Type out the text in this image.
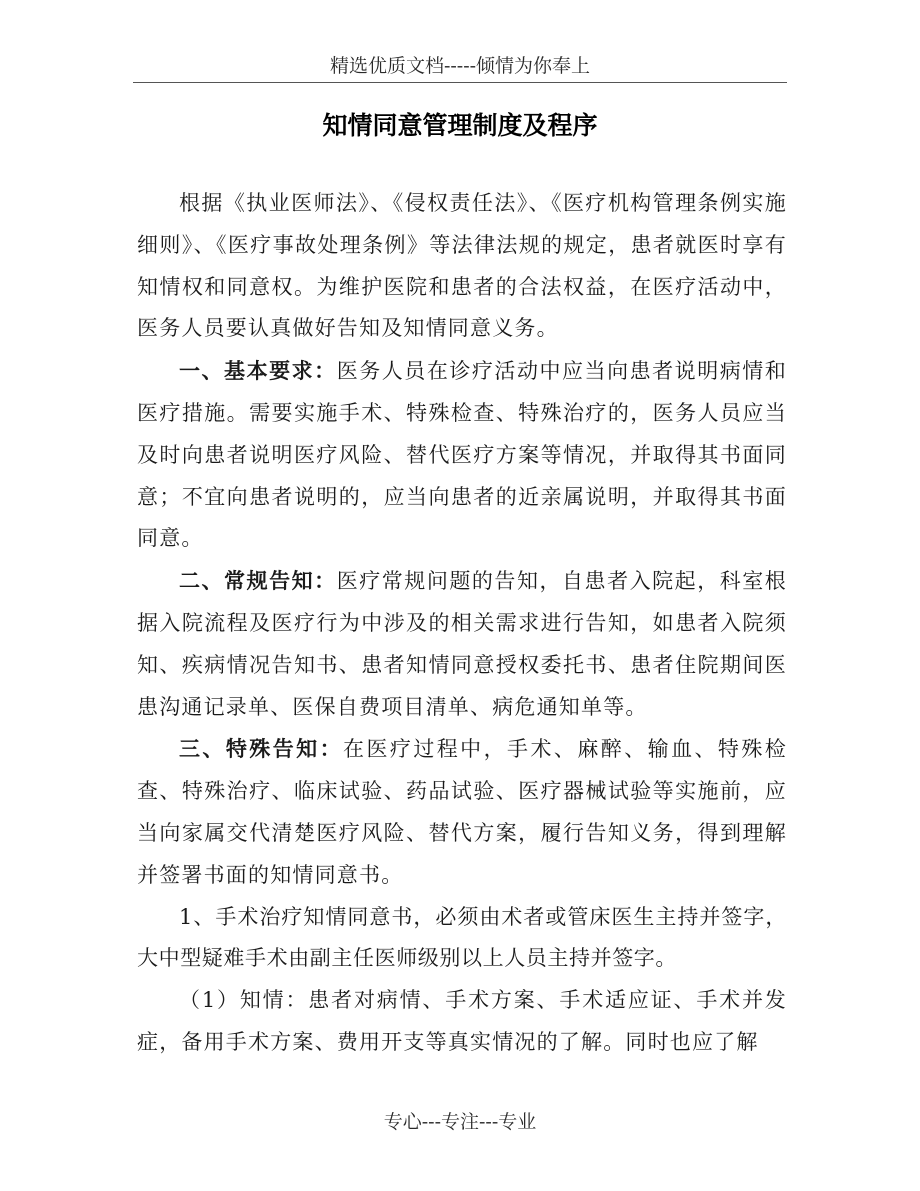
精选优质文档-----倾情为你奉上
知情同意管理制度及程序

根据《执业医师法》、《侵权责任法》、《医疗机构管理条例实施细则》、《医疗事故处理条例》等法律法规的规定，患者就医时享有知情权和同意权。为维护医院和患者的合法权益，在医疗活动中，医务人员要认真做好告知及知情同意义务。

一、基本要求：医务人员在诊疗活动中应当向患者说明病情和医疗措施。需要实施手术、特殊检查、特殊治疗的，医务人员应当及时向患者说明医疗风险、替代医疗方案等情况，并取得其书面同意；不宜向患者说明的，应当向患者的近亲属说明，并取得其书面同意。

二、常规告知：医疗常规问题的告知，自患者入院起，科室根据入院流程及医疗行为中涉及的相关需求进行告知，如患者入院须知、疾病情况告知书、患者知情同意授权委托书、患者住院期间医患沟通记录单、医保自费项目清单、病危通知单等。

三、特殊告知：在医疗过程中，手术、麻醉、输血、特殊检查、特殊治疗、临床试验、药品试验、医疗器械试验等实施前，应当向家属交代清楚医疗风险、替代方案，履行告知义务，得到理解并签署书面的知情同意书。

1、手术治疗知情同意书，必须由术者或管床医生主持并签字，大中型疑难手术由副主任医师级别以上人员主持并签字。

（1）知情：患者对病情、手术方案、手术适应证、手术并发症，备用手术方案、费用开支等真实情况的了解。同时也应了解

专心---专注---专业
